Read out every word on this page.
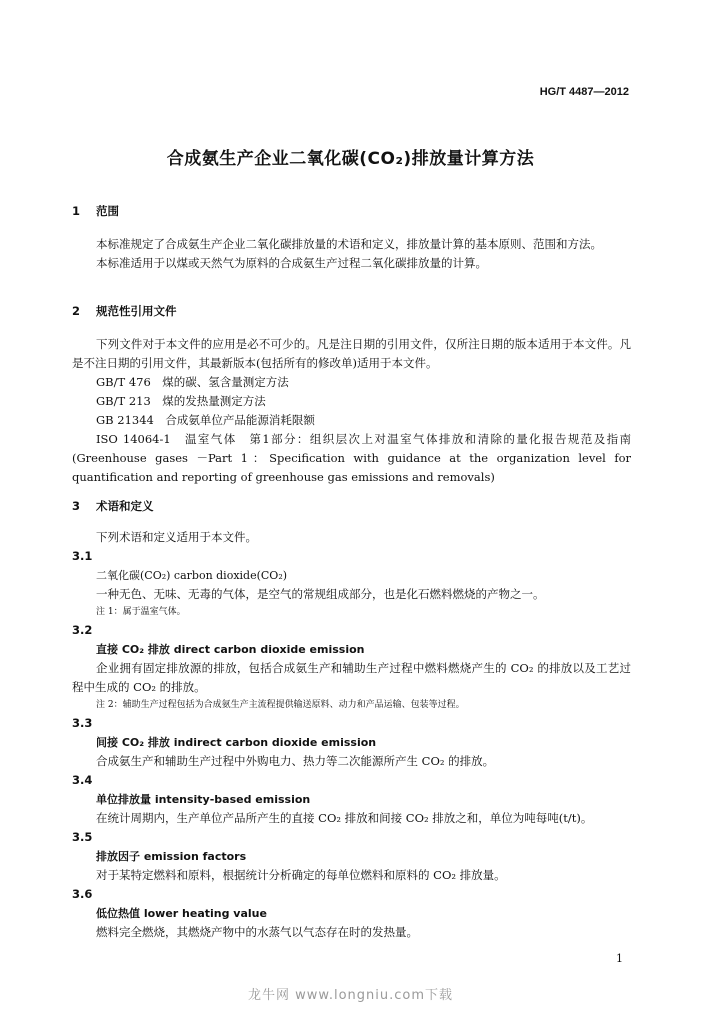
HG/T 4487—2012
合成氨生产企业二氧化碳(CO₂)排放量计算方法
1 范围
本标准规定了合成氨生产企业二氧化碳排放量的术语和定义，排放量计算的基本原则、范围和方法。
本标准适用于以煤或天然气为原料的合成氨生产过程二氧化碳排放量的计算。
2 规范性引用文件
下列文件对于本文件的应用是必不可少的。凡是注日期的引用文件，仅所注日期的版本适用于本文件。凡是不注日期的引用文件，其最新版本(包括所有的修改单)适用于本文件。
GB/T 476　煤的碳、氢含量测定方法
GB/T 213　煤的发热量测定方法
GB 21344　合成氨单位产品能源消耗限额
ISO 14064-1　温室气体　第1部分：组织层次上对温室气体排放和清除的量化报告规范及指南(Greenhouse gases －Part 1：Specification with guidance at the organization level for quantification and reporting of greenhouse gas emissions and removals)
3 术语和定义
下列术语和定义适用于本文件。
3.1
二氧化碳(CO₂) carbon dioxide(CO₂)
一种无色、无味、无毒的气体，是空气的常规组成部分，也是化石燃料燃烧的产物之一。
注 1：属于温室气体。
3.2
直接 CO₂ 排放 direct carbon dioxide emission
企业拥有固定排放源的排放，包括合成氨生产和辅助生产过程中燃料燃烧产生的 CO₂ 的排放以及工艺过程中生成的 CO₂ 的排放。
注 2：辅助生产过程包括为合成氨生产主流程提供输送原料、动力和产品运输、包装等过程。
3.3
间接 CO₂ 排放 indirect carbon dioxide emission
合成氨生产和辅助生产过程中外购电力、热力等二次能源所产生 CO₂ 的排放。
3.4
单位排放量 intensity-based emission
在统计周期内，生产单位产品所产生的直接 CO₂ 排放和间接 CO₂ 排放之和，单位为吨每吨(t/t)。
3.5
排放因子 emission factors
对于某特定燃料和原料，根据统计分析确定的每单位燃料和原料的 CO₂ 排放量。
3.6
低位热值 lower heating value
燃料完全燃烧，其燃烧产物中的水蒸气以气态存在时的发热量。
1
龙牛网 www.longniu.com下载
